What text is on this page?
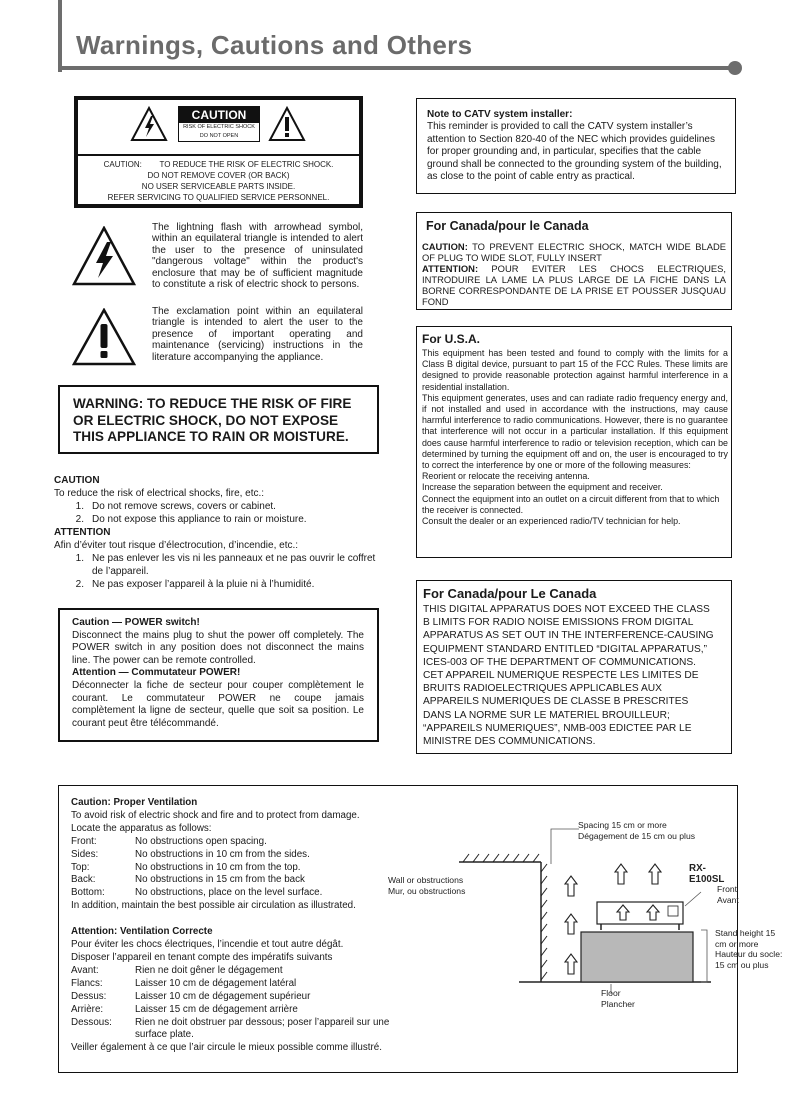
Warnings, Cautions and Others
CAUTION
RISK OF ELECTRIC SHOCK
DO NOT OPEN
CAUTION:        TO REDUCE THE RISK OF ELECTRIC SHOCK.
DO NOT REMOVE COVER (OR BACK)
NO USER SERVICEABLE PARTS INSIDE.
REFER SERVICING TO QUALIFIED SERVICE PERSONNEL.
The lightning flash with arrowhead symbol, within an equilateral triangle is intended to alert the user to the presence of uninsulated "dangerous voltage" within the product's enclosure that may be of sufficient magnitude to constitute a risk of electric shock to persons.
The exclamation point within an equilateral triangle is intended to alert the user to the presence of important operating and maintenance (servicing) instructions in the literature accompanying the appliance.
WARNING: TO REDUCE THE RISK OF FIRE OR ELECTRIC SHOCK, DO NOT EXPOSE THIS APPLIANCE TO RAIN OR MOISTURE.
CAUTION
To reduce the risk of electrical shocks, fire, etc.:
1. Do not remove screws, covers or cabinet.
2. Do not expose this appliance to rain or moisture.
ATTENTION
Afin d’éviter tout risque d’électrocution, d’incendie, etc.:
1. Ne pas enlever les vis ni les panneaux et ne pas ouvrir le coffret de l’appareil.
2. Ne pas exposer l’appareil à la pluie ni à l’humidité.
Caution — POWER switch!
Disconnect the mains plug to shut the power off completely. The POWER switch in any position does not disconnect the mains line. The power can be remote controlled.
Attention — Commutateur POWER!
Déconnecter la fiche de secteur pour couper complètement le courant. Le commutateur POWER ne coupe jamais complètement la ligne de secteur, quelle que soit sa position. Le courant peut être télécommandé.
Note to CATV system installer:
This reminder is provided to call the CATV system installer’s attention to Section 820-40 of the NEC which provides guidelines for proper grounding and, in particular, specifies that the cable ground shall be connected to the grounding system of the building, as close to the point of cable entry as practical.
For Canada/pour le Canada
CAUTION: TO PREVENT ELECTRIC SHOCK, MATCH WIDE BLADE OF PLUG TO WIDE SLOT, FULLY INSERT
ATTENTION: POUR EVITER LES CHOCS ELECTRIQUES, INTRODUIRE LA LAME LA PLUS LARGE DE LA FICHE DANS LA BORNE CORRESPONDANTE DE LA PRISE ET POUSSER JUSQUAU FOND
For U.S.A.
This equipment has been tested and found to comply with the limits for a Class B digital device, pursuant to part 15 of the FCC Rules. These limits are designed to provide reasonable protection against harmful interference in a residential installation.
This equipment generates, uses and can radiate radio frequency energy and, if not installed and used in accordance with the instructions, may cause harmful interference to radio communications. However, there is no guarantee that interference will not occur in a particular installation. If this equipment does cause harmful interference to radio or television reception, which can be determined by turning the equipment off and on, the user is encouraged to try to correct the interference by one or more of the following measures:
Reorient or relocate the receiving antenna.
Increase the separation between the equipment and receiver.
Connect the equipment into an outlet on a circuit different from that to which the receiver is connected.
Consult the dealer or an experienced radio/TV technician for help.
For Canada/pour Le Canada
THIS DIGITAL APPARATUS DOES NOT EXCEED THE CLASS
B LIMITS FOR RADIO NOISE EMISSIONS FROM DIGITAL
APPARATUS AS SET OUT IN THE INTERFERENCE-CAUSING
EQUIPMENT STANDARD ENTITLED “DIGITAL APPARATUS,”
ICES-003 OF THE DEPARTMENT OF COMMUNICATIONS.
CET APPAREIL NUMERIQUE RESPECTE LES LIMITES DE
BRUITS RADIOELECTRIQUES APPLICABLES AUX
APPAREILS NUMERIQUES DE CLASSE B PRESCRITES
DANS LA NORME SUR LE MATERIEL BROUILLEUR;
“APPAREILS NUMERIQUES”, NMB-003 EDICTEE PAR LE
MINISTRE DES COMMUNICATIONS.
Caution: Proper Ventilation
To avoid risk of electric shock and fire and to protect from damage.
Locate the apparatus as follows:
Front:	No obstructions open spacing.
Sides:	No obstructions in 10 cm from the sides.
Top:	No obstructions in 10 cm from the top.
Back:	No obstructions in 15 cm from the back
Bottom:	No obstructions, place on the level surface.
In addition, maintain the best possible air circulation as illustrated.
Attention: Ventilation Correcte
Pour éviter les chocs électriques, l’incendie et tout autre dégât.
Disposer l’appareil en tenant compte des impératifs suivants
Avant:	Rien ne doit gêner le dégagement
Flancs:	Laisser 10 cm de dégagement latéral
Dessus:	Laisser 10 cm de dégagement supérieur
Arrière:	Laisser 15 cm de dégagement arrière
Dessous:	Rien ne doit obstruer par dessous; poser l’appareil sur une surface plate.
Veiller également à ce que l’air circule le mieux possible comme illustré.
Spacing 15 cm or more
Dégagement de 15 cm ou plus
RX-E100SL
Front
Avant
Wall or obstructions
Mur, ou obstructions
Stand height 15
cm or more
Hauteur du socle:
15 cm ou plus
Floor
Plancher
